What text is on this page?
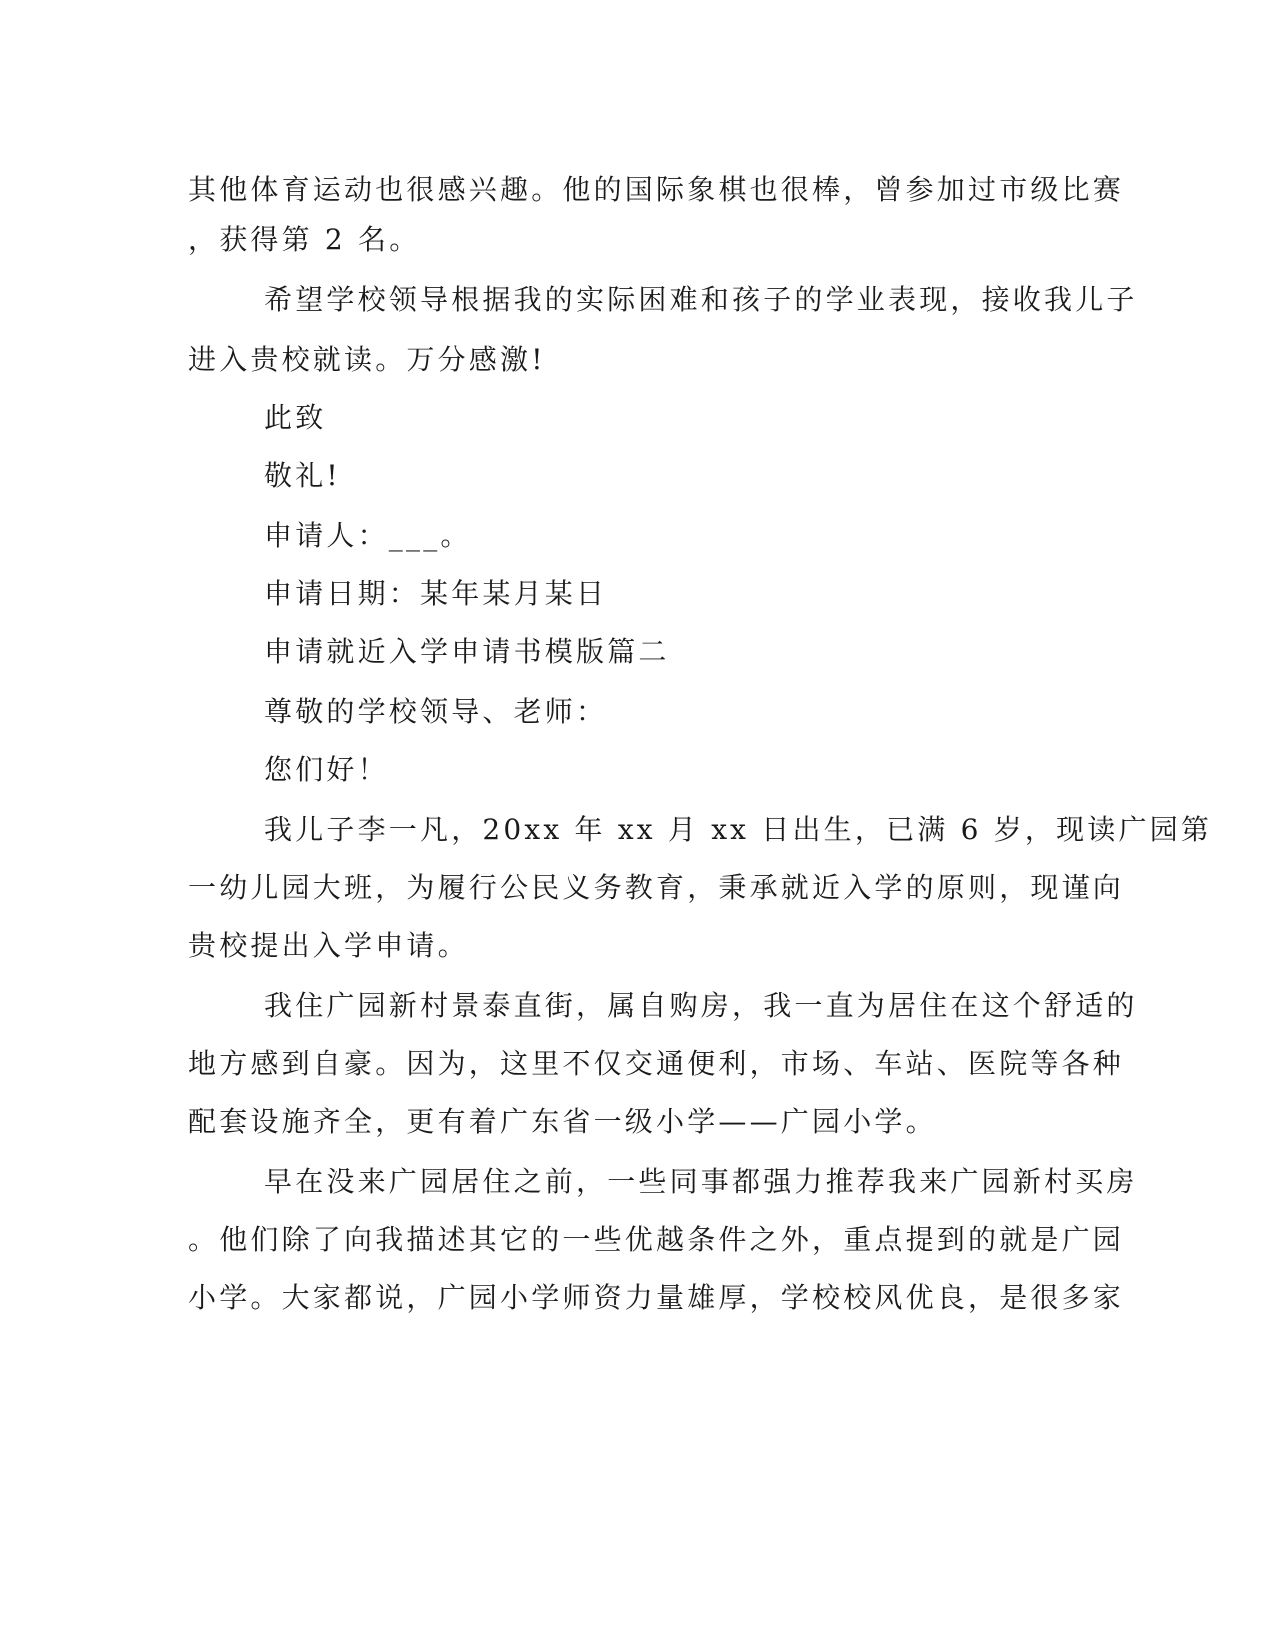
其他体育运动也很感兴趣。他的国际象棋也很棒，曾参加过市级比赛
，获得第 2 名。
希望学校领导根据我的实际困难和孩子的学业表现，接收我儿子
进入贵校就读。万分感激!
此致
敬礼!
申请人：___。
申请日期：某年某月某日
申请就近入学申请书模版篇二
尊敬的学校领导、老师：
您们好！
我儿子李一凡，20xx 年 xx 月 xx 日出生，已满 6 岁，现读广园第
一幼儿园大班，为履行公民义务教育，秉承就近入学的原则，现谨向
贵校提出入学申请。
我住广园新村景泰直街，属自购房，我一直为居住在这个舒适的
地方感到自豪。因为，这里不仅交通便利，市场、车站、医院等各种
配套设施齐全，更有着广东省一级小学——广园小学。
早在没来广园居住之前，一些同事都强力推荐我来广园新村买房
。他们除了向我描述其它的一些优越条件之外，重点提到的就是广园
小学。大家都说，广园小学师资力量雄厚，学校校风优良，是很多家
